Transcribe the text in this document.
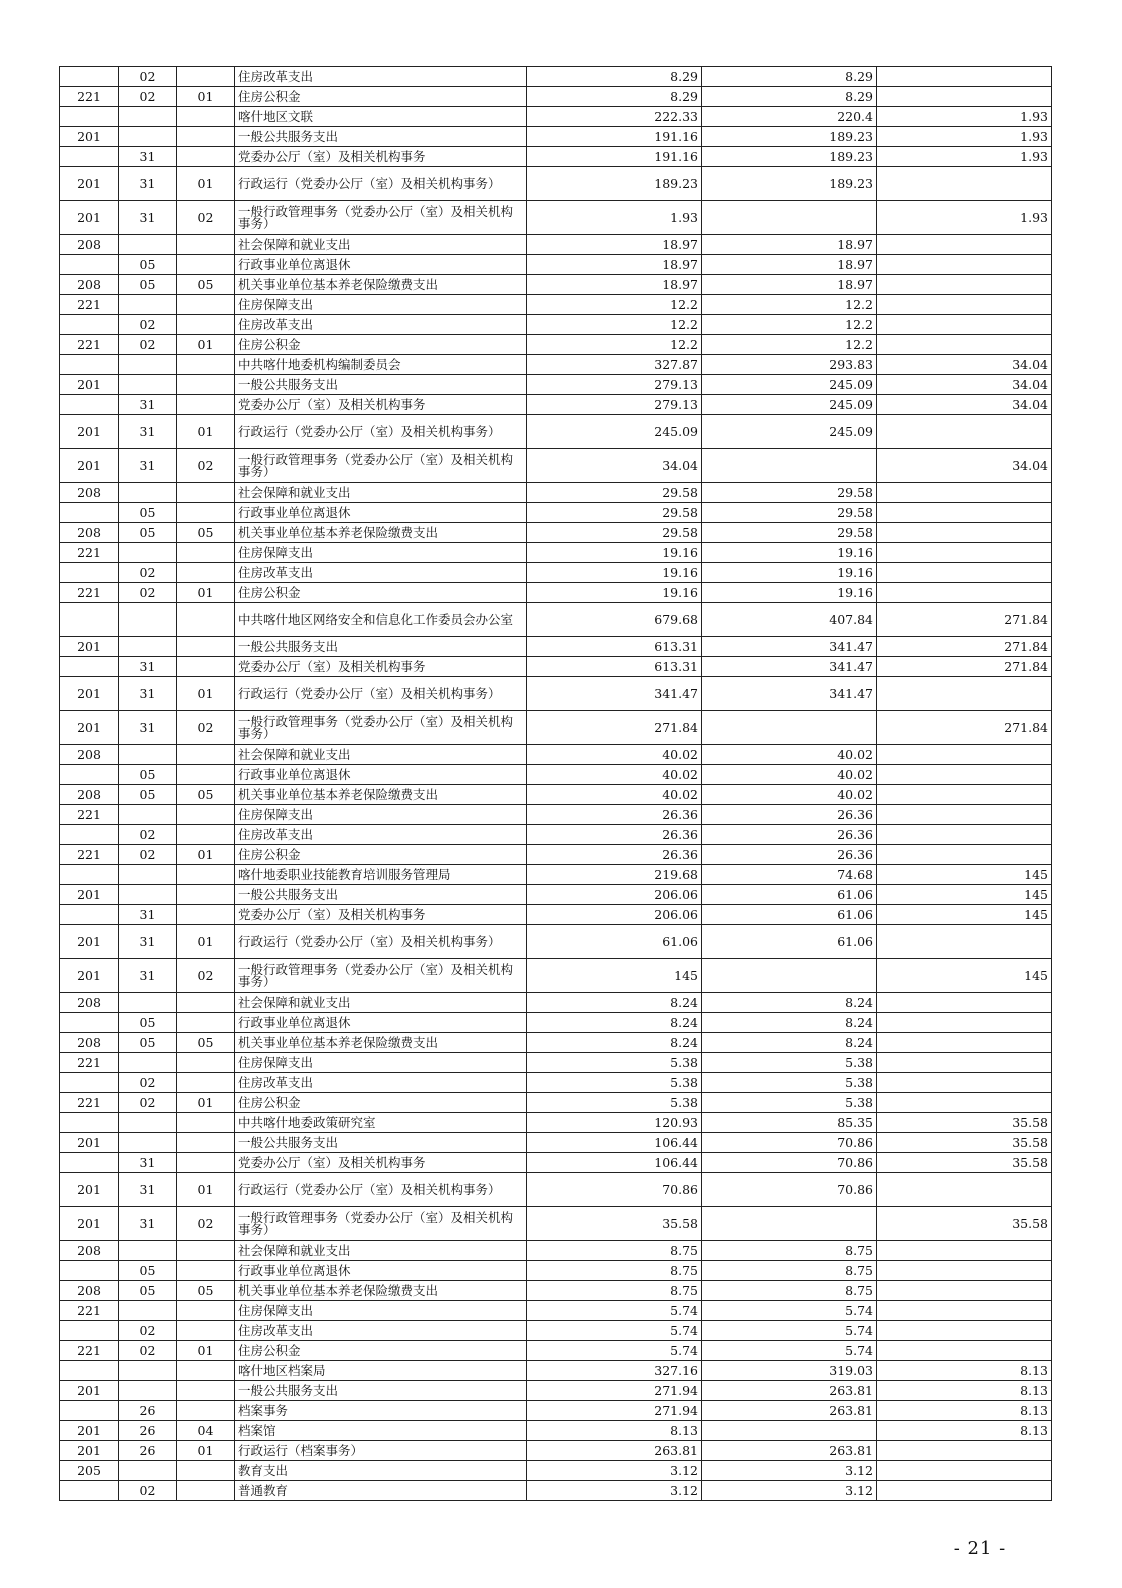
	02		住房改革支出	8.29	8.29	
221	02	01	住房公积金	8.29	8.29	
			喀什地区文联	222.33	220.4	1.93
201			一般公共服务支出	191.16	189.23	1.93
	31		党委办公厅（室）及相关机构事务	191.16	189.23	1.93
201	31	01	行政运行（党委办公厅（室）及相关机构事务）	189.23	189.23	
201	31	02	一般行政管理事务（党委办公厅（室）及相关机构事务）	1.93		1.93
208			社会保障和就业支出	18.97	18.97	
	05		行政事业单位离退休	18.97	18.97	
208	05	05	机关事业单位基本养老保险缴费支出	18.97	18.97	
221			住房保障支出	12.2	12.2	
	02		住房改革支出	12.2	12.2	
221	02	01	住房公积金	12.2	12.2	
			中共喀什地委机构编制委员会	327.87	293.83	34.04
201			一般公共服务支出	279.13	245.09	34.04
	31		党委办公厅（室）及相关机构事务	279.13	245.09	34.04
201	31	01	行政运行（党委办公厅（室）及相关机构事务）	245.09	245.09	
201	31	02	一般行政管理事务（党委办公厅（室）及相关机构事务）	34.04		34.04
208			社会保障和就业支出	29.58	29.58	
	05		行政事业单位离退休	29.58	29.58	
208	05	05	机关事业单位基本养老保险缴费支出	29.58	29.58	
221			住房保障支出	19.16	19.16	
	02		住房改革支出	19.16	19.16	
221	02	01	住房公积金	19.16	19.16	
			中共喀什地区网络安全和信息化工作委员会办公室	679.68	407.84	271.84
201			一般公共服务支出	613.31	341.47	271.84
	31		党委办公厅（室）及相关机构事务	613.31	341.47	271.84
201	31	01	行政运行（党委办公厅（室）及相关机构事务）	341.47	341.47	
201	31	02	一般行政管理事务（党委办公厅（室）及相关机构事务）	271.84		271.84
208			社会保障和就业支出	40.02	40.02	
	05		行政事业单位离退休	40.02	40.02	
208	05	05	机关事业单位基本养老保险缴费支出	40.02	40.02	
221			住房保障支出	26.36	26.36	
	02		住房改革支出	26.36	26.36	
221	02	01	住房公积金	26.36	26.36	
			喀什地委职业技能教育培训服务管理局	219.68	74.68	145
201			一般公共服务支出	206.06	61.06	145
	31		党委办公厅（室）及相关机构事务	206.06	61.06	145
201	31	01	行政运行（党委办公厅（室）及相关机构事务）	61.06	61.06	
201	31	02	一般行政管理事务（党委办公厅（室）及相关机构事务）	145		145
208			社会保障和就业支出	8.24	8.24	
	05		行政事业单位离退休	8.24	8.24	
208	05	05	机关事业单位基本养老保险缴费支出	8.24	8.24	
221			住房保障支出	5.38	5.38	
	02		住房改革支出	5.38	5.38	
221	02	01	住房公积金	5.38	5.38	
			中共喀什地委政策研究室	120.93	85.35	35.58
201			一般公共服务支出	106.44	70.86	35.58
	31		党委办公厅（室）及相关机构事务	106.44	70.86	35.58
201	31	01	行政运行（党委办公厅（室）及相关机构事务）	70.86	70.86	
201	31	02	一般行政管理事务（党委办公厅（室）及相关机构事务）	35.58		35.58
208			社会保障和就业支出	8.75	8.75	
	05		行政事业单位离退休	8.75	8.75	
208	05	05	机关事业单位基本养老保险缴费支出	8.75	8.75	
221			住房保障支出	5.74	5.74	
	02		住房改革支出	5.74	5.74	
221	02	01	住房公积金	5.74	5.74	
			喀什地区档案局	327.16	319.03	8.13
201			一般公共服务支出	271.94	263.81	8.13
	26		档案事务	271.94	263.81	8.13
201	26	04	档案馆	8.13		8.13
201	26	01	行政运行（档案事务）	263.81	263.81	
205			教育支出	3.12	3.12	
	02		普通教育	3.12	3.12	
- 21 -
